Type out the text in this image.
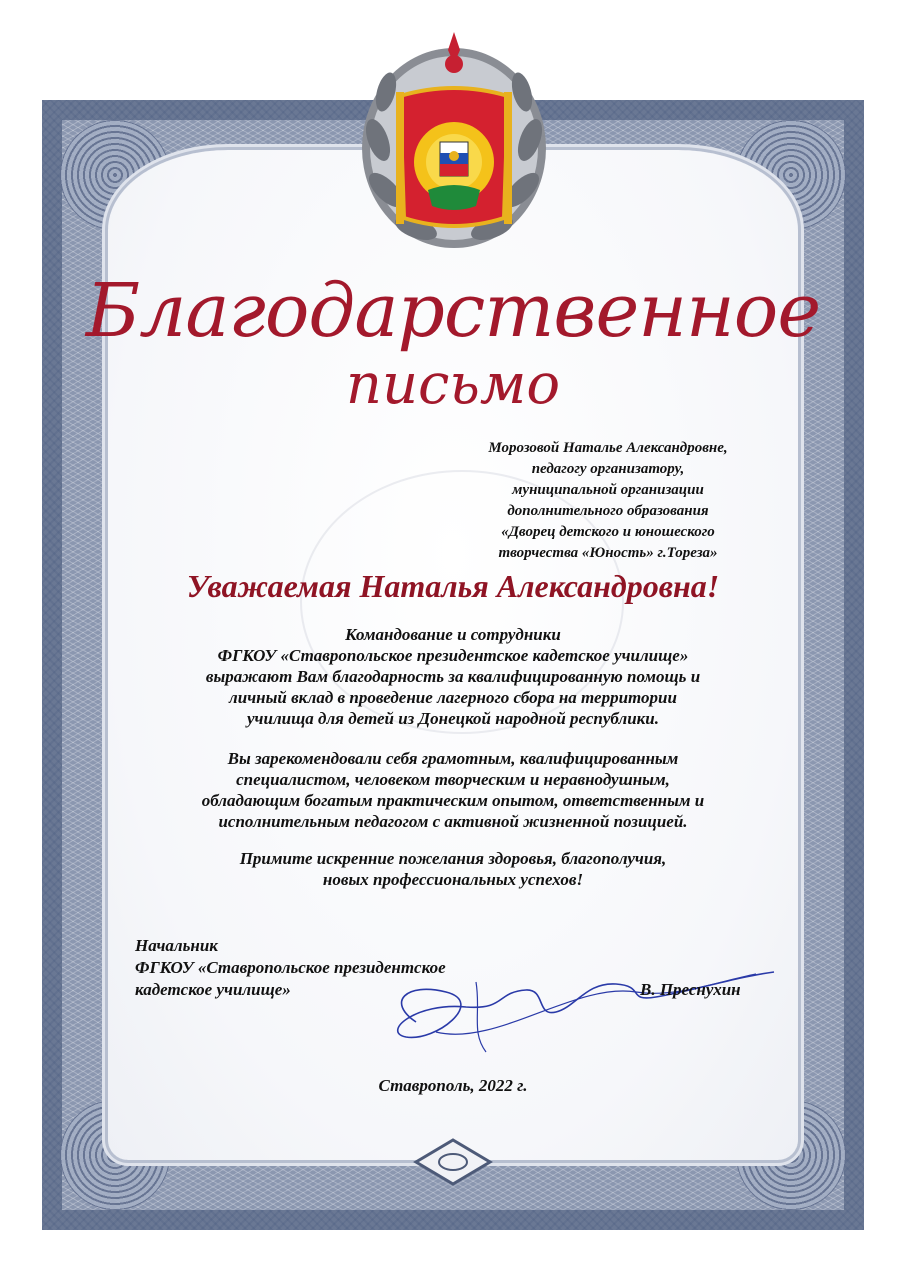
Благодарственное
письмо
Морозовой Наталье Александровне,
педагогу организатору,
муниципальной организации
дополнительного образования
«Дворец детского и юношеского
творчества «Юность» г.Тореза»
Уважаемая Наталья Александровна!
Командование и сотрудники
ФГКОУ «Ставропольское президентское кадетское училище»
выражают Вам благодарность за квалифицированную помощь и
личный вклад в проведение лагерного сбора на территории
училища для детей из Донецкой народной республики.
Вы зарекомендовали себя грамотным, квалифицированным
специалистом, человеком творческим и неравнодушным,
обладающим богатым практическим опытом, ответственным и
исполнительным педагогом с активной жизненной позицией.
Примите искренние пожелания здоровья, благополучия,
новых профессиональных успехов!
Начальник
ФГКОУ «Ставропольское президентское
кадетское училище»	В. Преснухин
Ставрополь, 2022 г.
